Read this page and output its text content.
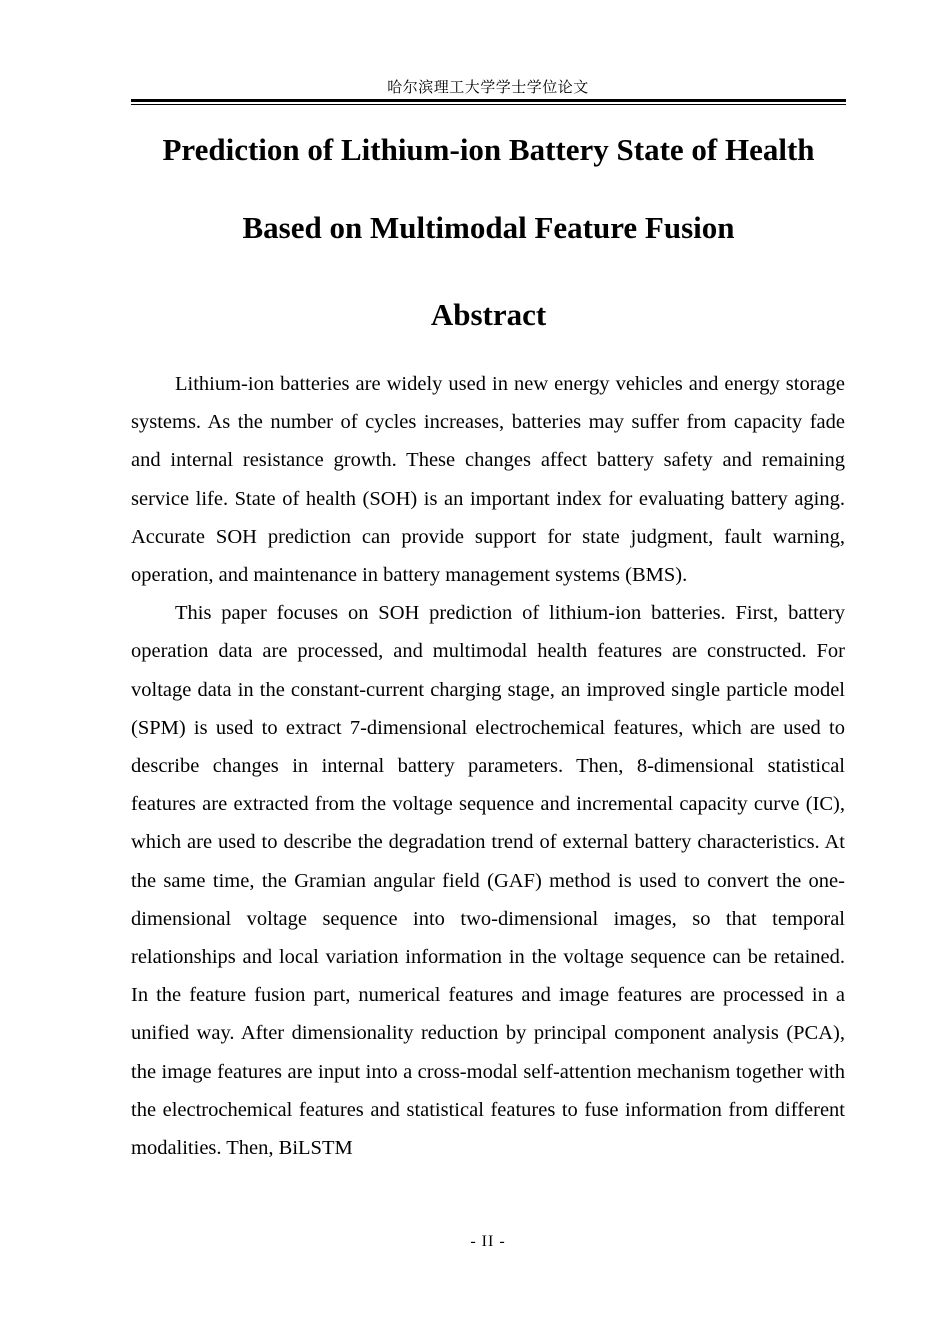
哈尔滨理工大学学士学位论文
Prediction of Lithium-ion Battery State of Health
Based on Multimodal Feature Fusion
Abstract

Lithium-ion batteries are widely used in new energy vehicles and energy storage systems. As the number of cycles increases, batteries may suffer from capacity fade and internal resistance growth. These changes affect battery safety and remaining service life. State of health (SOH) is an important index for evaluating battery aging. Accurate SOH prediction can provide support for state judgment, fault warning, operation, and maintenance in battery management systems (BMS).

This paper focuses on SOH prediction of lithium-ion batteries. First, battery operation data are processed, and multimodal health features are constructed. For voltage data in the constant-current charging stage, an improved single particle model (SPM) is used to extract 7-dimensional electrochemical features, which are used to describe changes in internal battery parameters. Then, 8-dimensional statistical features are extracted from the voltage sequence and incremental capacity curve (IC), which are used to describe the degradation trend of external battery characteristics. At the same time, the Gramian angular field (GAF) method is used to convert the one-dimensional voltage sequence into two-dimensional images, so that temporal relationships and local variation information in the voltage sequence can be retained. In the feature fusion part, numerical features and image features are processed in a unified way. After dimensionality reduction by principal component analysis (PCA), the image features are input into a cross-modal self-attention mechanism together with the electrochemical features and statistical features to fuse information from different modalities. Then, BiLSTM

- II -
